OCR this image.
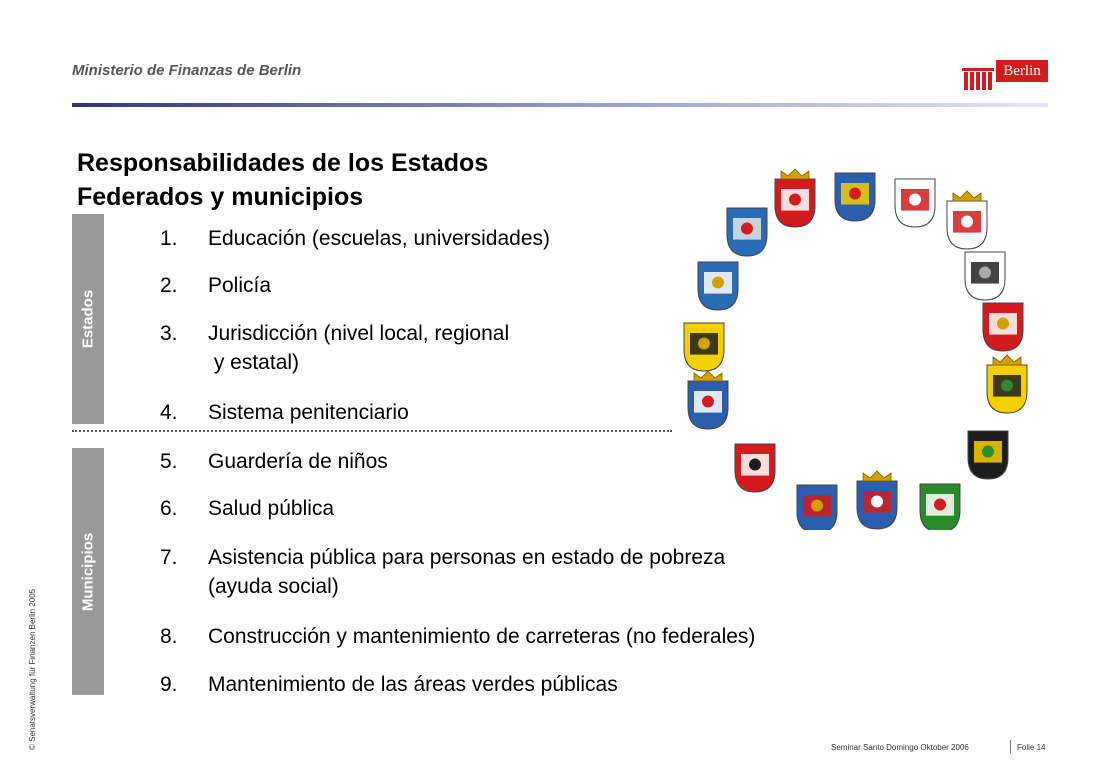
Ministerio de Finanzas de Berlin	Berlin
Responsabilidades de los Estados
Federados y municipios
Estados
Municipios
1. Educación (escuelas, universidades)
2. Policía
3. Jurisdicción (nivel local, regional
y estatal)
4. Sistema penitenciario
5. Guardería de niños
6. Salud pública
7. Asistencia pública para personas en estado de pobreza
(ayuda social)
8. Construcción y mantenimiento de carreteras (no federales)
9. Mantenimiento de las áreas verdes públicas
© Senatsverwaltung für Finanzen Berlin 2005	Seminar Santo Domingo Oktober 2006	Folie 14
